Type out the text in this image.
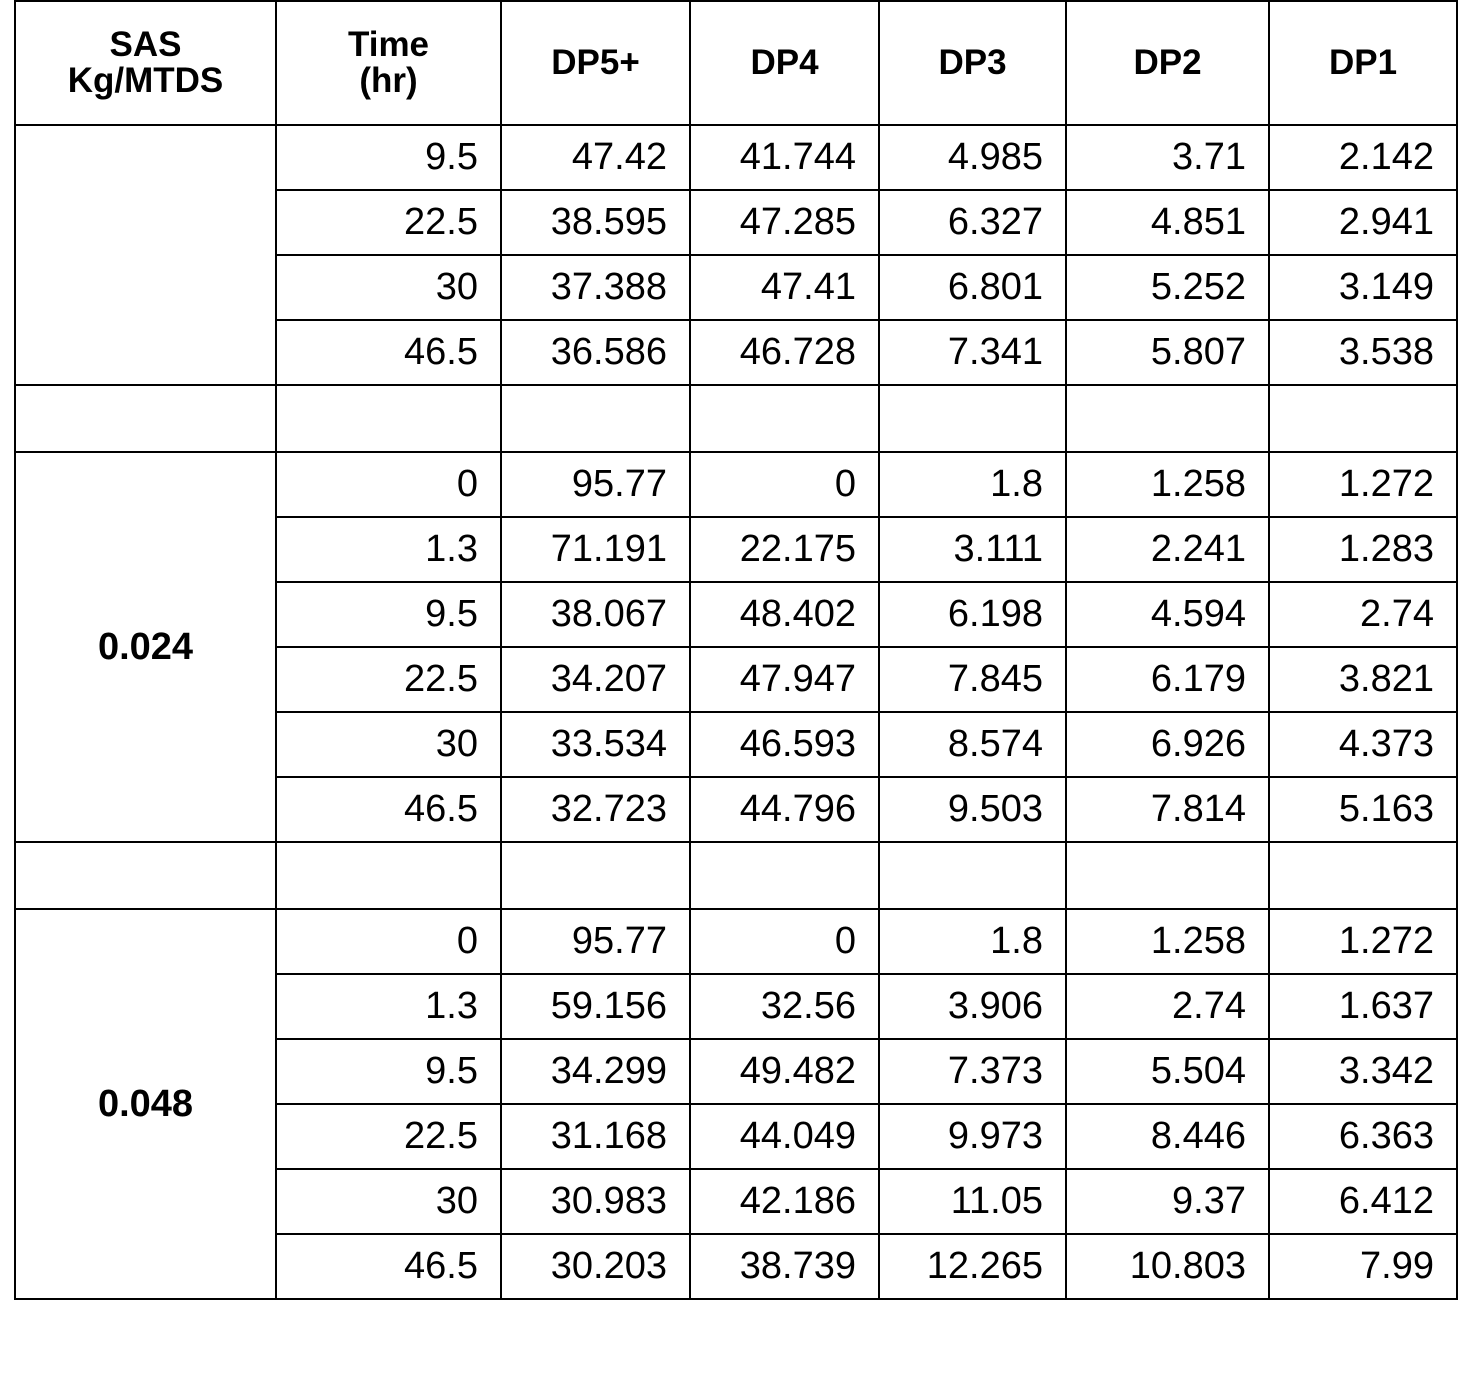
SAS Kg/MTDS	Time (hr)	DP5+	DP4	DP3	DP2	DP1
	9.5	47.42	41.744	4.985	3.71	2.142
22.5	38.595	47.285	6.327	4.851	2.941
30	37.388	47.41	6.801	5.252	3.149
46.5	36.586	46.728	7.341	5.807	3.538

0.024	0	95.77	0	1.8	1.258	1.272
1.3	71.191	22.175	3.111	2.241	1.283
9.5	38.067	48.402	6.198	4.594	2.74
22.5	34.207	47.947	7.845	6.179	3.821
30	33.534	46.593	8.574	6.926	4.373
46.5	32.723	44.796	9.503	7.814	5.163

0.048	0	95.77	0	1.8	1.258	1.272
1.3	59.156	32.56	3.906	2.74	1.637
9.5	34.299	49.482	7.373	5.504	3.342
22.5	31.168	44.049	9.973	8.446	6.363
30	30.983	42.186	11.05	9.37	6.412
46.5	30.203	38.739	12.265	10.803	7.99
